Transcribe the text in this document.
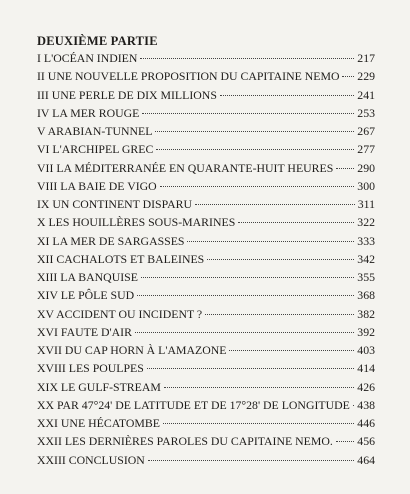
DEUXIÈME PARTIE
I L'OCÉAN INDIEN	217
II UNE NOUVELLE PROPOSITION DU CAPITAINE NEMO 229
III UNE PERLE DE DIX MILLIONS	241
IV LA MER ROUGE	253
V ARABIAN-TUNNEL	267
VI L'ARCHIPEL GREC	277
VII LA MÉDITERRANÉE EN QUARANTE-HUIT HEURES 290
VIII LA BAIE DE VIGO	300
IX UN CONTINENT DISPARU	311
X LES HOUILLÈRES SOUS-MARINES	322
XI LA MER DE SARGASSES	333
XII CACHALOTS ET BALEINES	342
XIII LA BANQUISE	355
XIV LE PÔLE SUD	368
XV ACCIDENT OU INCIDENT ?	382
XVI FAUTE D'AIR	392
XVII DU CAP HORN À L'AMAZONE	403
XVIII LES POULPES	414
XIX LE GULF-STREAM	426
XX PAR 47°24' DE LATITUDE ET DE 17°28' DE LONGITUDE 438
XXI UNE HÉCATOMBE	446
XXII LES DERNIÈRES PAROLES DU CAPITAINE NEMO. 456
XXIII CONCLUSION	464
